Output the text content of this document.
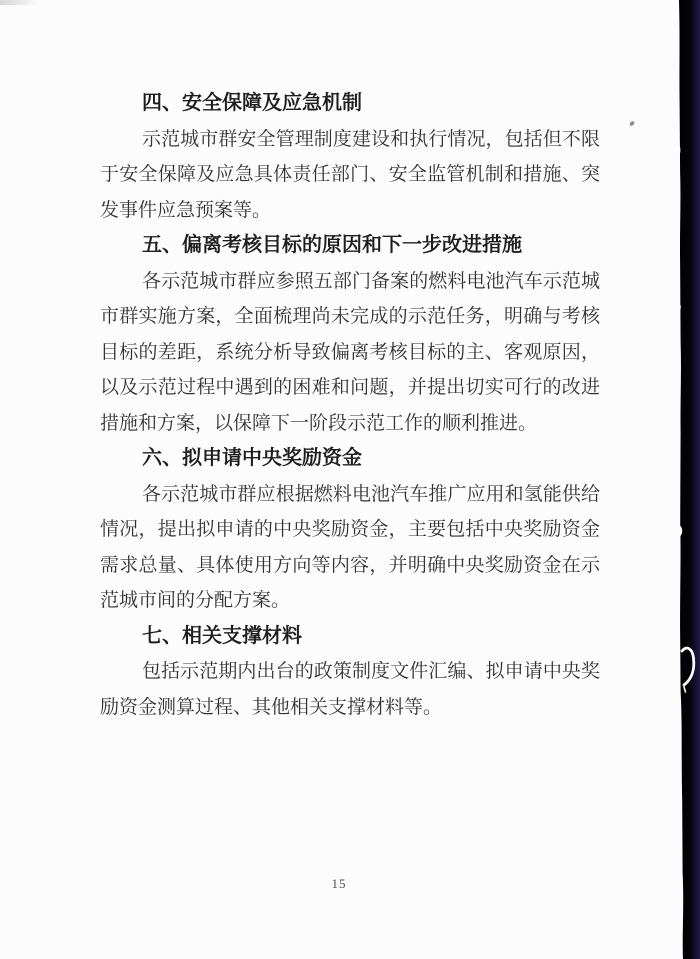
四、安全保障及应急机制

示范城市群安全管理制度建设和执行情况，包括但不限于安全保障及应急具体责任部门、安全监管机制和措施、突发事件应急预案等。

五、偏离考核目标的原因和下一步改进措施

各示范城市群应参照五部门备案的燃料电池汽车示范城市群实施方案，全面梳理尚未完成的示范任务，明确与考核目标的差距，系统分析导致偏离考核目标的主、客观原因，以及示范过程中遇到的困难和问题，并提出切实可行的改进措施和方案，以保障下一阶段示范工作的顺利推进。

六、拟申请中央奖励资金

各示范城市群应根据燃料电池汽车推广应用和氢能供给情况，提出拟申请的中央奖励资金，主要包括中央奖励资金需求总量、具体使用方向等内容，并明确中央奖励资金在示范城市间的分配方案。

七、相关支撑材料

包括示范期内出台的政策制度文件汇编、拟申请中央奖励资金测算过程、其他相关支撑材料等。

15
